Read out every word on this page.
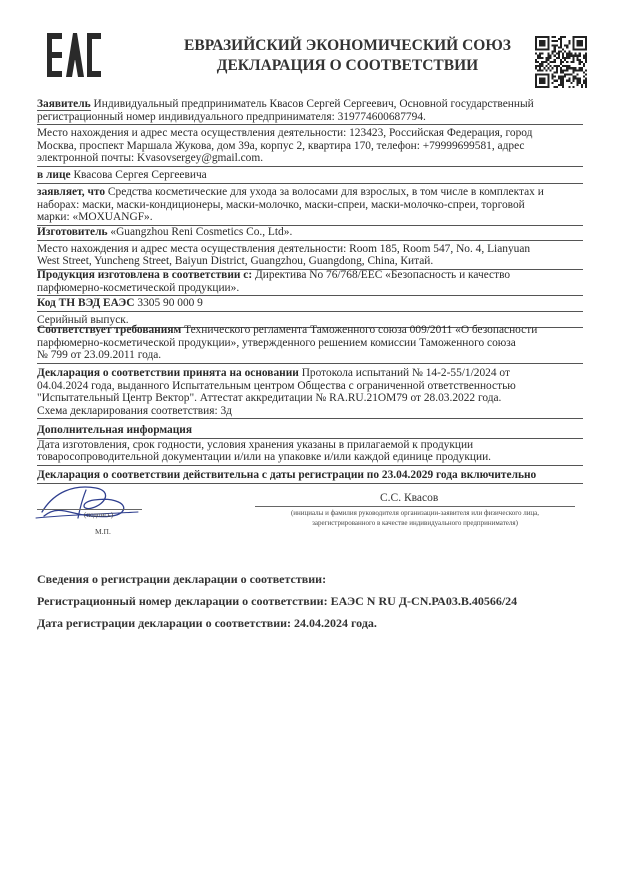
ЕВРАЗИЙСКИЙ ЭКОНОМИЧЕСКИЙ СОЮЗ
ДЕКЛАРАЦИЯ О СООТВЕТСТВИИ
Заявитель Индивидуальный предприниматель Квасов Сергей Сергеевич, Основной государственный
регистрационный номер индивидуального предпринимателя: 319774600687794.
Место нахождения и адрес места осуществления деятельности: 123423, Российская Федерация, город
Москва, проспект Маршала Жукова, дом 39а, корпус 2, квартира 170, телефон: +79999699581, адрес
электронной почты: Kvasovsergey@gmail.com.
в лице Квасова Сергея Сергеевича
заявляет, что Средства косметические для ухода за волосами для взрослых, в том числе в комплектах и
наборах: маски, маски-кондиционеры, маски-молочко, маски-спреи, маски-молочко-спреи, торговой
марки: «MOXUANGF».
Изготовитель «Guangzhou Reni Cosmetics Co., Ltd».
Место нахождения и адрес места осуществления деятельности: Room 185, Room 547, No. 4, Lianyuan
West Street, Yuncheng Street, Baiyun District, Guangzhou, Guangdong, China, Китай.
Продукция изготовлена в соответствии с: Директива No 76/768/ЕЕС «Безопасность и качество
парфюмерно-косметической продукции».
Код ТН ВЭД ЕАЭС 3305 90 000 9
Серийный выпуск.
Соответствует требованиям Технического регламента Таможенного союза 009/2011 «О безопасности
парфюмерно-косметической продукции», утвержденного решением комиссии Таможенного союза
№ 799 от 23.09.2011 года.
Декларация о соответствии принята на основании Протокола испытаний № 14-2-55/1/2024 от
04.04.2024 года, выданного Испытательным центром Общества с ограниченной ответственностью
"Испытательный Центр Вектор". Аттестат аккредитации № RA.RU.21ОМ79 от 28.03.2022 года.
Схема декларирования соответствия: 3д
Дополнительная информация
Дата изготовления, срок годности, условия хранения указаны в прилагаемой к продукции
товаросопроводительной документации и/или на упаковке и/или каждой единице продукции.
Декларация о соответствии действительна с даты регистрации по 23.04.2029 года включительно
(подпись)
М.П.
С.С. Квасов
(инициалы и фамилия руководителя организации-заявителя или физического лица,
зарегистрированного в качестве индивидуального предпринимателя)
Сведения о регистрации декларации о соответствии:
Регистрационный номер декларации о соответствии: ЕАЭС N RU Д-CN.РА03.В.40566/24
Дата регистрации декларации о соответствии: 24.04.2024 года.
